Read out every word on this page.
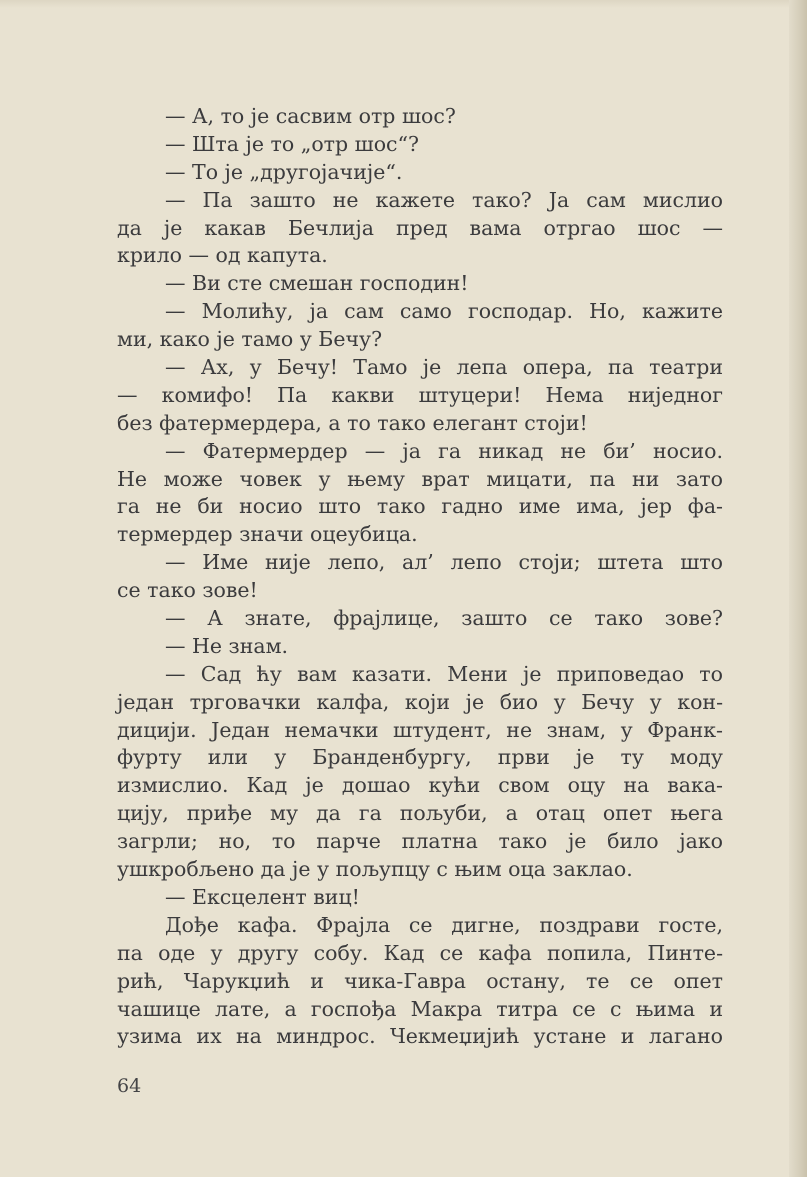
— А, то је сасвим отр шос?
— Шта је то „отр шос“?
— То је „другојачије“.
— Па зашто не кажете тако? Ја сам мислио
да је какав Бечлија пред вама отргао шос —
крило — од капута.
— Ви сте смешан господин!
— Молићу, ја сам само господар. Но, кажите
ми, како је тамо у Бечу?
— Ах, у Бечу! Тамо је лепа опера, па театри
— комифо! Па какви штуцери! Нема ниједног
без фатермердера, а то тако елегант стоји!
— Фатермердер — ја га никад не би’ носио.
Не може човек у њему врат мицати, па ни зато
га не би носио што тако гадно име има, јер фа-
термердер значи оцеубица.
— Име није лепо, ал’ лепо стоји; штета што
се тако зове!
— А знате, фрајлице, зашто се тако зове?
— Не знам.
— Сад ћу вам казати. Мени је приповедао то
један трговачки калфа, који је био у Бечу у кон-
дицији. Један немачки штудент, не знам, у Франк-
фурту или у Бранденбургу, први је ту моду
измислио. Кад је дошао кући свом оцу на вака-
цију, приђе му да га пољуби, а отац опет њега
загрли; но, то парче платна тако је било јако
ушкробљено да је у пољупцу с њим оца заклао.
— Ексцелент виц!
Дође кафа. Фрајла се дигне, поздрави госте,
па оде у другу собу. Кад се кафа попила, Пинте-
рић, Чарукџић и чика-Гавра остану, те се опет
чашице лате, а госпођа Макра титра се с њима и
узима их на миндрос. Чекмеџијић устане и лагано
64
